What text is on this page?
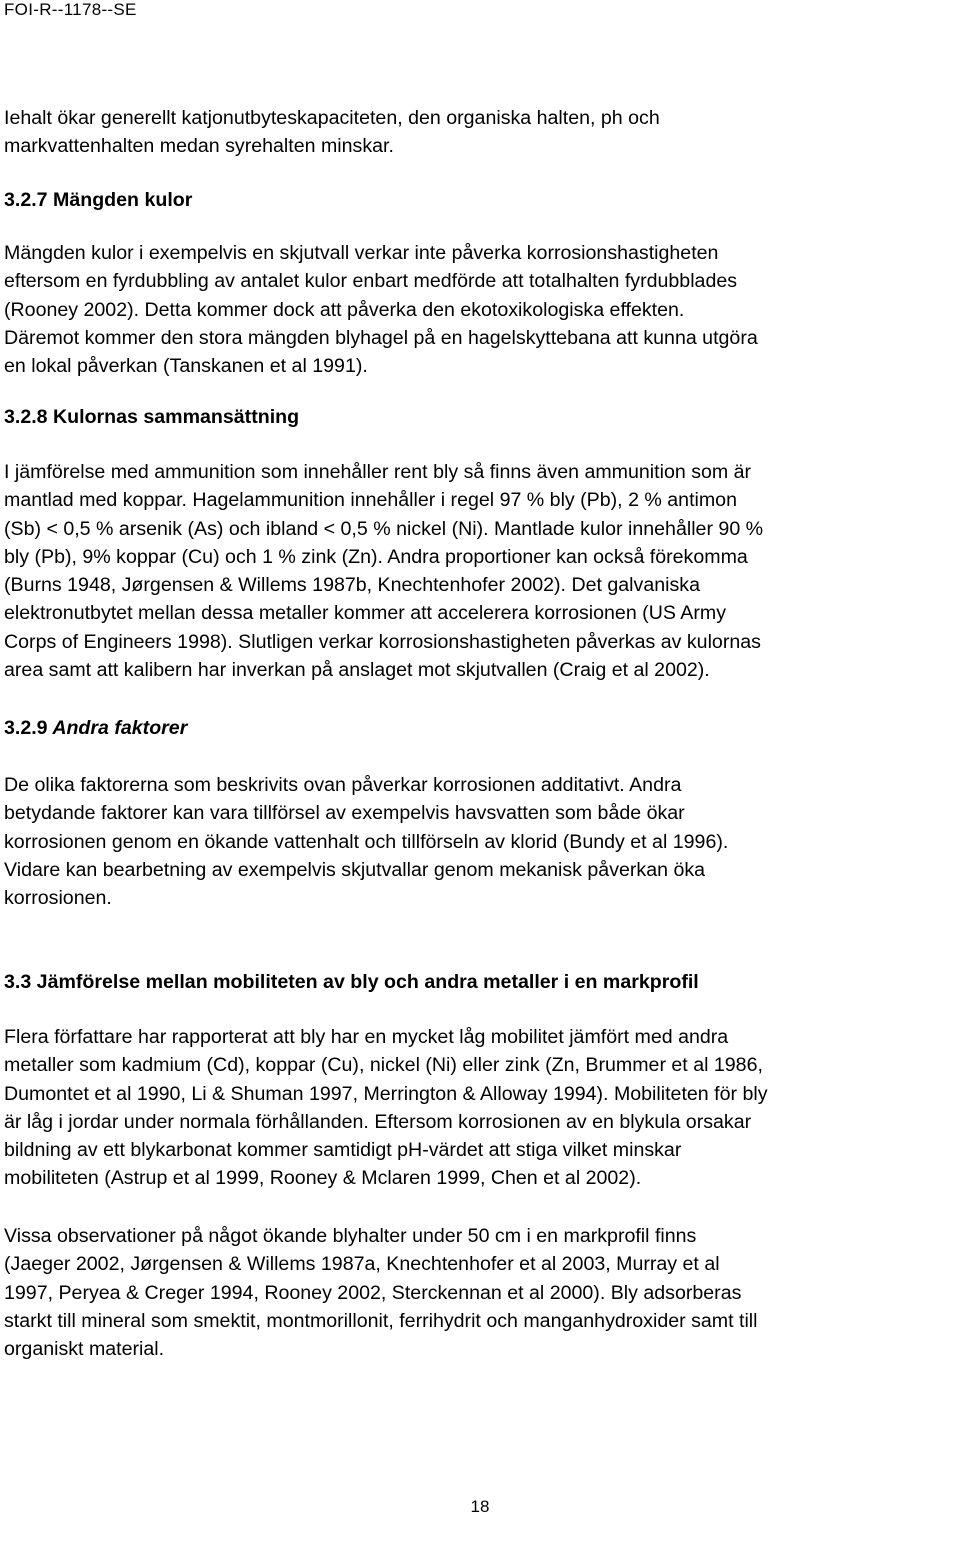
FOI-R--1178--SE
Iehalt ökar generellt katjonutbyteskapaciteten, den organiska halten, ph och
markvattenhalten medan syrehalten minskar.
3.2.7 Mängden kulor
Mängden kulor i exempelvis en skjutvall verkar inte påverka korrosionshastigheten
eftersom en fyrdubbling av antalet kulor enbart medförde att totalhalten fyrdubblades
(Rooney 2002). Detta kommer dock att påverka den ekotoxikologiska effekten.
Däremot kommer den stora mängden blyhagel på en hagelskyttebana att kunna utgöra
en lokal påverkan (Tanskanen et al 1991).
3.2.8 Kulornas sammansättning
I jämförelse med ammunition som innehåller rent bly så finns även ammunition som är
mantlad med koppar. Hagelammunition innehåller i regel 97 % bly (Pb), 2 % antimon
(Sb) < 0,5 % arsenik (As) och ibland < 0,5 % nickel (Ni). Mantlade kulor innehåller 90 %
bly (Pb), 9% koppar (Cu) och 1 % zink (Zn). Andra proportioner kan också förekomma
(Burns 1948, Jørgensen & Willems 1987b, Knechtenhofer 2002). Det galvaniska
elektronutbytet mellan dessa metaller kommer att accelerera korrosionen (US Army
Corps of Engineers 1998). Slutligen verkar korrosionshastigheten påverkas av kulornas
area samt att kalibern har inverkan på anslaget mot skjutvallen (Craig et al 2002).
3.2.9 Andra faktorer
De olika faktorerna som beskrivits ovan påverkar korrosionen additativt. Andra
betydande faktorer kan vara tillförsel av exempelvis havsvatten som både ökar
korrosionen genom en ökande vattenhalt och tillförseln av klorid (Bundy et al 1996).
Vidare kan bearbetning av exempelvis skjutvallar genom mekanisk påverkan öka
korrosionen.
3.3 Jämförelse mellan mobiliteten av bly och andra metaller i en markprofil
Flera författare har rapporterat att bly har en mycket låg mobilitet jämfört med andra
metaller som kadmium (Cd), koppar (Cu), nickel (Ni) eller zink (Zn, Brummer et al 1986,
Dumontet et al 1990, Li & Shuman 1997, Merrington & Alloway 1994). Mobiliteten för bly
är låg i jordar under normala förhållanden. Eftersom korrosionen av en blykula orsakar
bildning av ett blykarbonat kommer samtidigt pH-värdet att stiga vilket minskar
mobiliteten (Astrup et al 1999, Rooney & Mclaren 1999, Chen et al 2002).
Vissa observationer på något ökande blyhalter under 50 cm i en markprofil finns
(Jaeger 2002, Jørgensen & Willems 1987a, Knechtenhofer et al 2003, Murray et al
1997, Peryea & Creger 1994, Rooney 2002, Sterckennan et al 2000). Bly adsorberas
starkt till mineral som smektit, montmorillonit, ferrihydrit och manganhydroxider samt till
organiskt material.
18
